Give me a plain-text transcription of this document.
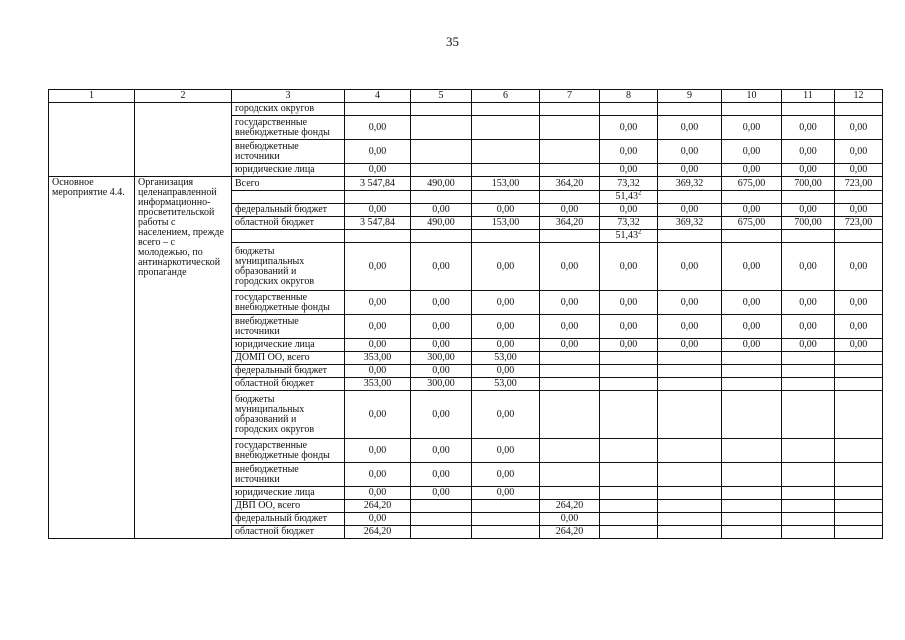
35
1	2	3	4	5	6	7	8	9	10	11	12
		городских округов									
		государственные внебюджетные фонды	0,00				0,00	0,00	0,00	0,00	0,00
		внебюджетные источники	0,00				0,00	0,00	0,00	0,00	0,00
		юридические лица	0,00				0,00	0,00	0,00	0,00	0,00
Основное мероприятие 4.4.	Организация целенаправленной информационно-просветительской работы с населением, прежде всего – с молодежью, по антинаркотической пропаганде	Всего	3 547,84	490,00	153,00	364,20	73,32	369,32	675,00	700,00	723,00
							51,43$^2$				
		федеральный бюджет	0,00	0,00	0,00	0,00	0,00	0,00	0,00	0,00	0,00
		областной бюджет	3 547,84	490,00	153,00	364,20	73,32	369,32	675,00	700,00	723,00
							51,43$^2$				
		бюджеты муниципальных образований и городских округов	0,00	0,00	0,00	0,00	0,00	0,00	0,00	0,00	0,00
		государственные внебюджетные фонды	0,00	0,00	0,00	0,00	0,00	0,00	0,00	0,00	0,00
		внебюджетные источники	0,00	0,00	0,00	0,00	0,00	0,00	0,00	0,00	0,00
		юридические лица	0,00	0,00	0,00	0,00	0,00	0,00	0,00	0,00	0,00
		ДОМП ОО, всего	353,00	300,00	53,00						
		федеральный бюджет	0,00	0,00	0,00						
		областной бюджет	353,00	300,00	53,00						
		бюджеты муниципальных образований и городских округов	0,00	0,00	0,00						
		государственные внебюджетные фонды	0,00	0,00	0,00						
		внебюджетные источники	0,00	0,00	0,00						
		юридические лица	0,00	0,00	0,00						
		ДВП ОО, всего	264,20			264,20					
		федеральный бюджет	0,00			0,00					
		областной бюджет	264,20			264,20					
